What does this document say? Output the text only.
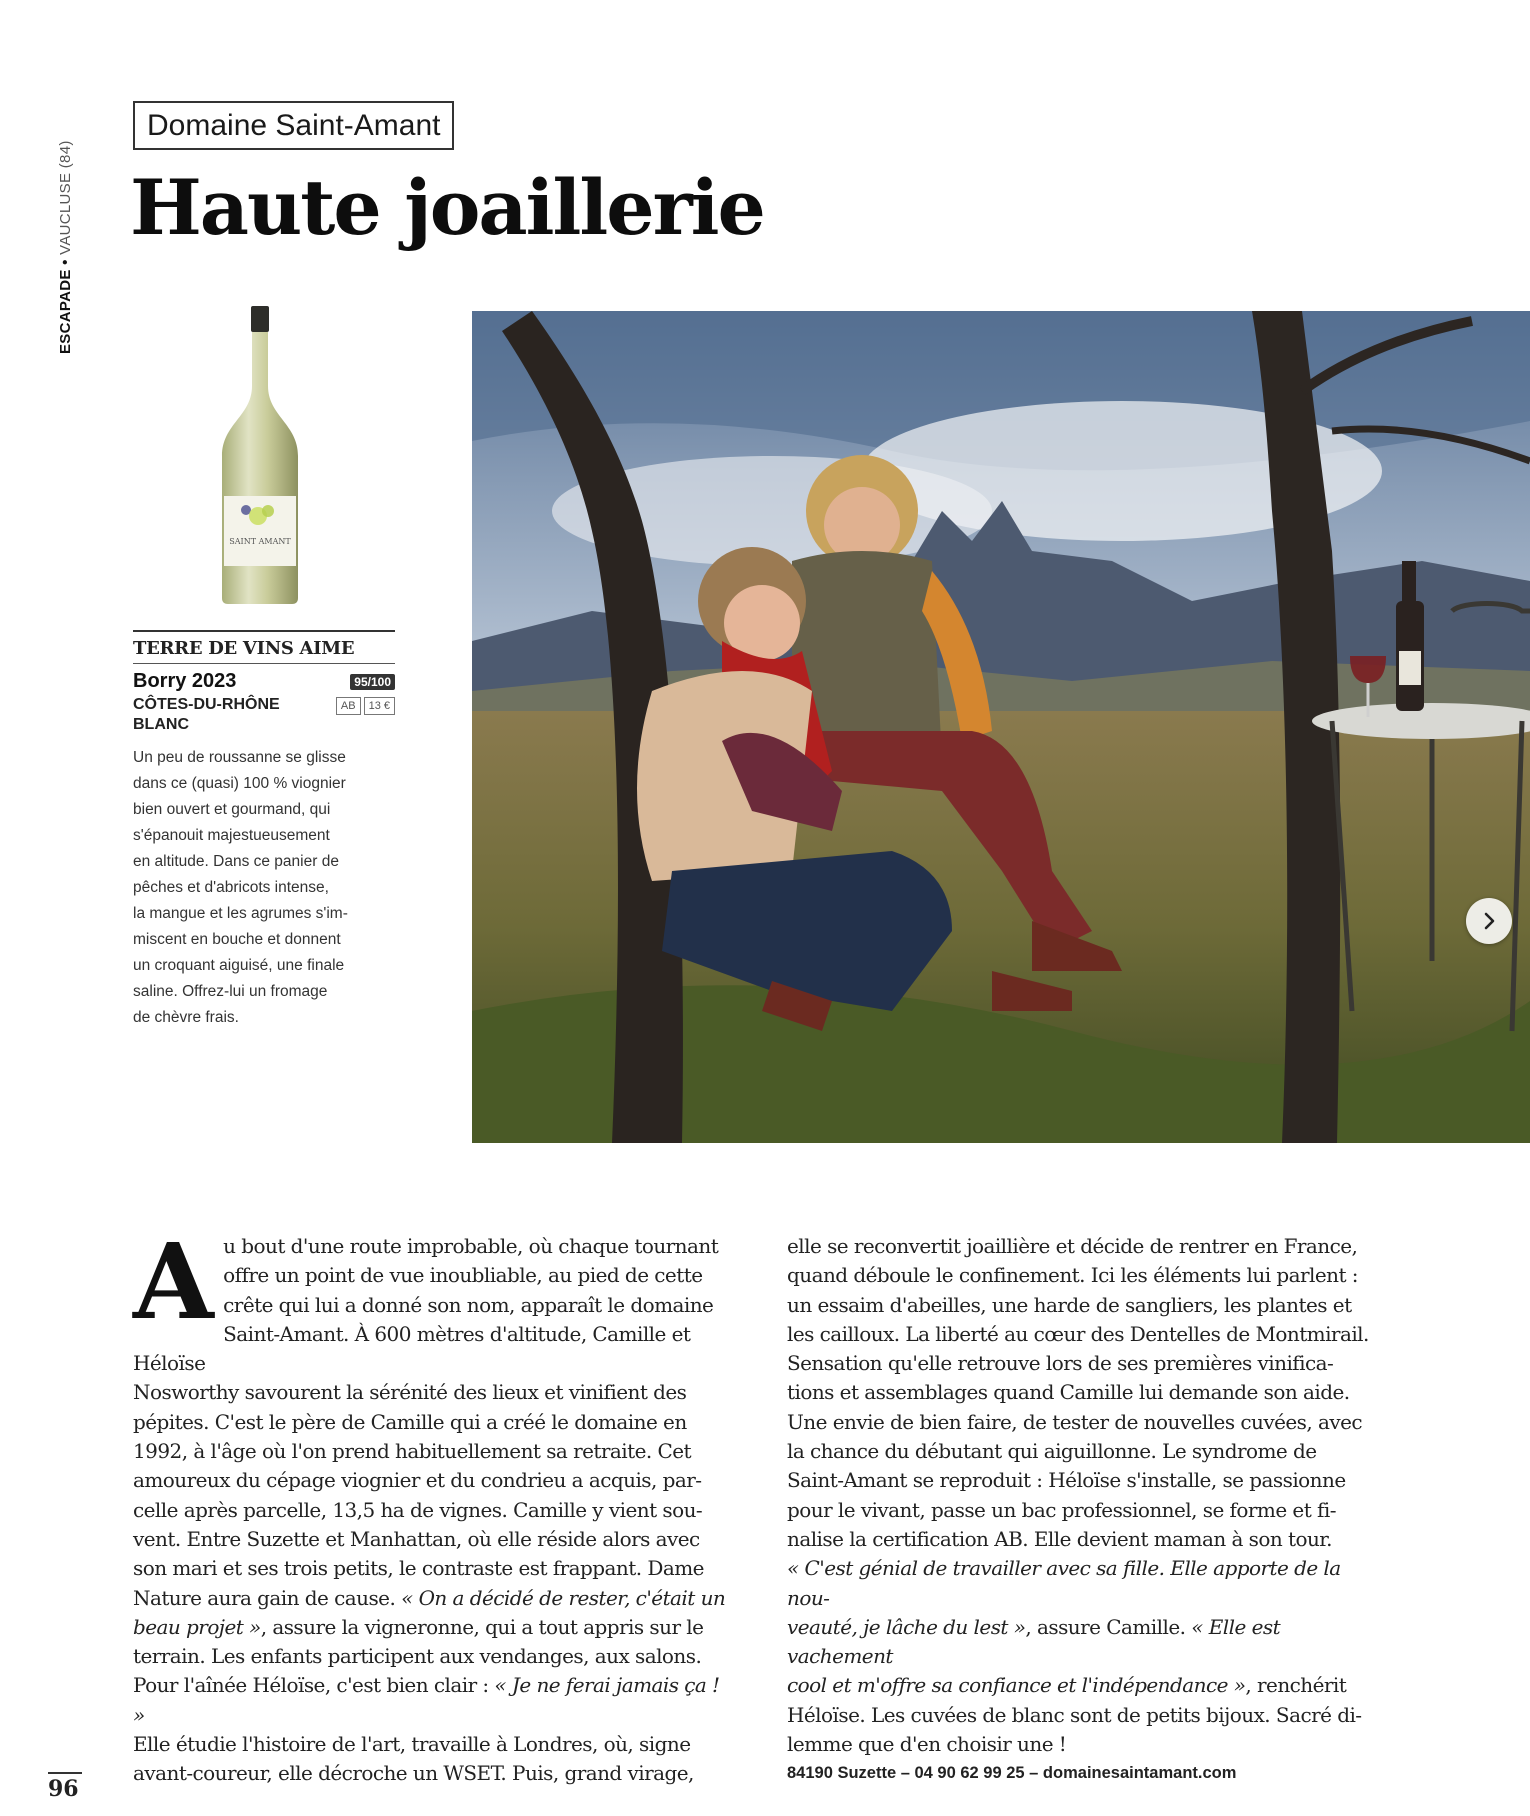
ESCAPADE • VAUCLUSE (84)
Domaine Saint-Amant
Haute joaillerie
SAINT AMANT
TERRE DE VINS AIME
Borry 2023	95/100
CÔTES-DU-RHÔNE BLANC
AB	13 €

Un peu de roussanne se glisse

dans ce (quasi) 100 % viognier

bien ouvert et gourmand, qui

s'épanouit majestueusement

en altitude. Dans ce panier de

pêches et d'abricots intense,

la mangue et les agrumes s'im-

miscent en bouche et donnent

un croquant aiguisé, une finale

saline. Offrez-lui un fromage

de chèvre frais.

A u bout d'une route improbable, où chaque tournant

offre un point de vue inoubliable, au pied de cette

crête qui lui a donné son nom, apparaît le domaine

Saint-Amant. À 600 mètres d'altitude, Camille et Héloïse

Nosworthy savourent la sérénité des lieux et vinifient des

pépites. C'est le père de Camille qui a créé le domaine en

1992, à l'âge où l'on prend habituellement sa retraite. Cet

amoureux du cépage viognier et du condrieu a acquis, par-

celle après parcelle, 13,5 ha de vignes. Camille y vient sou-

vent. Entre Suzette et Manhattan, où elle réside alors avec

son mari et ses trois petits, le contraste est frappant. Dame

Nature aura gain de cause. « On a décidé de rester, c'était un

beau projet », assure la vigneronne, qui a tout appris sur le

terrain. Les enfants participent aux vendanges, aux salons.

Pour l'aînée Héloïse, c'est bien clair : « Je ne ferai jamais ça ! »

Elle étudie l'histoire de l'art, travaille à Londres, où, signe

avant-coureur, elle décroche un WSET. Puis, grand virage,

elle se reconvertit joaillière et décide de rentrer en France,

quand déboule le confinement. Ici les éléments lui parlent :

un essaim d'abeilles, une harde de sangliers, les plantes et

les cailloux. La liberté au cœur des Dentelles de Montmirail.

Sensation qu'elle retrouve lors de ses premières vinifica-

tions et assemblages quand Camille lui demande son aide.

Une envie de bien faire, de tester de nouvelles cuvées, avec

la chance du débutant qui aiguillonne. Le syndrome de

Saint-Amant se reproduit : Héloïse s'installe, se passionne

pour le vivant, passe un bac professionnel, se forme et fi-

nalise la certification AB. Elle devient maman à son tour.

« C'est génial de travailler avec sa fille. Elle apporte de la nou-

veauté, je lâche du lest », assure Camille. « Elle est vachement

cool et m'offre sa confiance et l'indépendance », renchérit

Héloïse. Les cuvées de blanc sont de petits bijoux. Sacré di-

lemme que d'en choisir une !

84190 Suzette – 04 90 62 99 25 – domainesaintamant.com

96
